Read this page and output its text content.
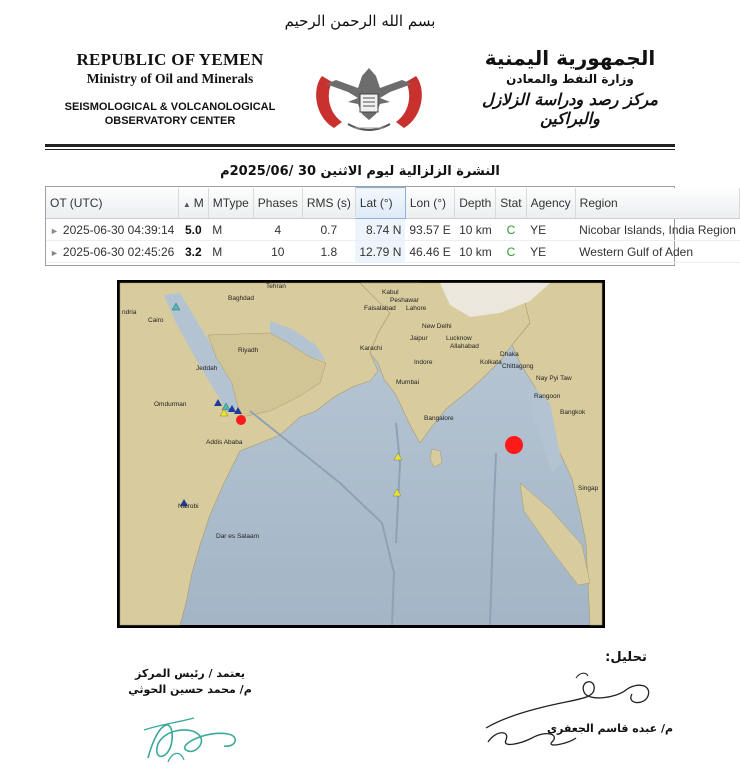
بسم الله الرحمن الرحيم
REPUBLIC OF YEMEN
Ministry of Oil and Minerals
SEISMOLOGICAL & VOLCANOLOGICAL
OBSERVATORY CENTER
الجمهورية اليمنية
وزارة النفط والمعادن
مركز رصد ودراسة الزلازل والبراكين
النشرة الزلزالية ليوم الاثنين 30 /2025/06م
OT (UTC)	▲ M	MType	Phases	RMS (s)	Lat (°)	Lon (°)	Depth	Stat	Agency	Region
► 2025-06-30 04:39:14	5.0	M	4	0.7	8.74 N	93.57 E	10 km	C	YE	Nicobar Islands, India Region
► 2025-06-30 02:45:26	3.2	M	10	1.8	12.79 N	46.46 E	10 km	C	YE	Western Gulf of Aden
Tehran
Baghdad
Cairo
ndria
Riyadh
Jeddah
Omdurman
Addis Ababa
Nairobi
Dar es Salaam
Kabul
Peshawar
Faisalabad Lahore
New Delhi
Jaipur	Lucknow
Allahabad
Karachi
Indore	Kolkata
Dhaka
Chittagong
Mumbai
Nay Pyi Taw
Bangalore
Rangoon
Bangkok
Singap
يعتمد / رئيس المركز
م/ محمد حسين الحوثي
تحليل:
م/ عبده قاسم الجعفري
